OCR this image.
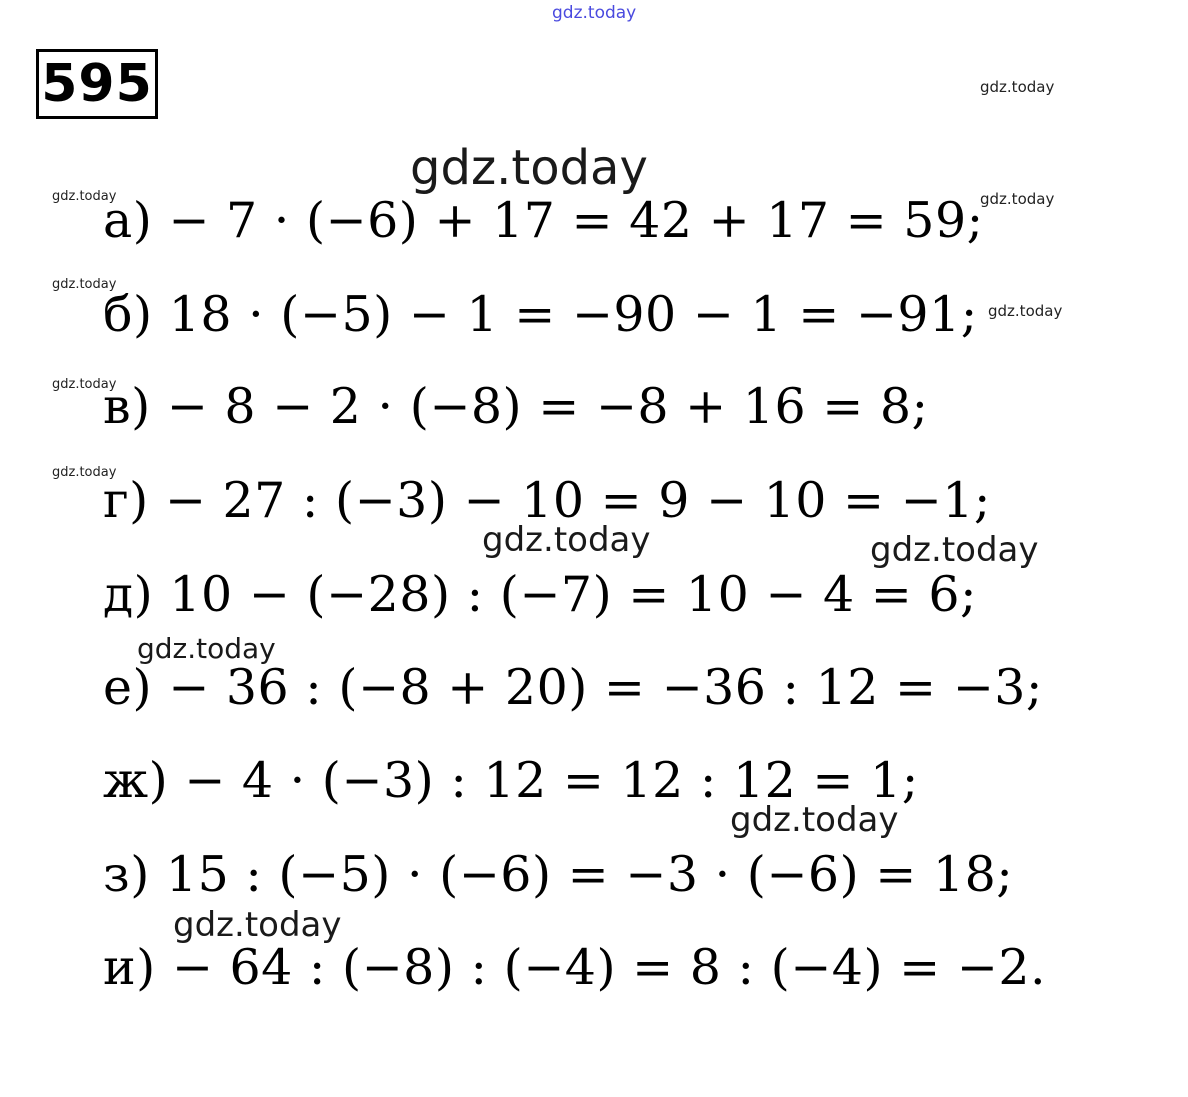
gdz.today
gdz.today
gdz.today
gdz.today	gdz.today
gdz.today
gdz.today
gdz.today
gdz.today
gdz.today	gdz.today
gdz.today
gdz.today
gdz.today
595
а) − 7 · (−6) + 17 = 42 + 17 = 59;
б) 18 · (−5) − 1 = −90 − 1 = −91;
в) − 8 − 2 · (−8) = −8 + 16 = 8;
г) − 27 : (−3) − 10 = 9 − 10 = −1;
д) 10 − (−28) : (−7) = 10 − 4 = 6;
е) − 36 : (−8 + 20) = −36 : 12 = −3;
ж) − 4 · (−3) : 12 = 12 : 12 = 1;
з) 15 : (−5) · (−6) = −3 · (−6) = 18;
и) − 64 : (−8) : (−4) = 8 : (−4) = −2.
